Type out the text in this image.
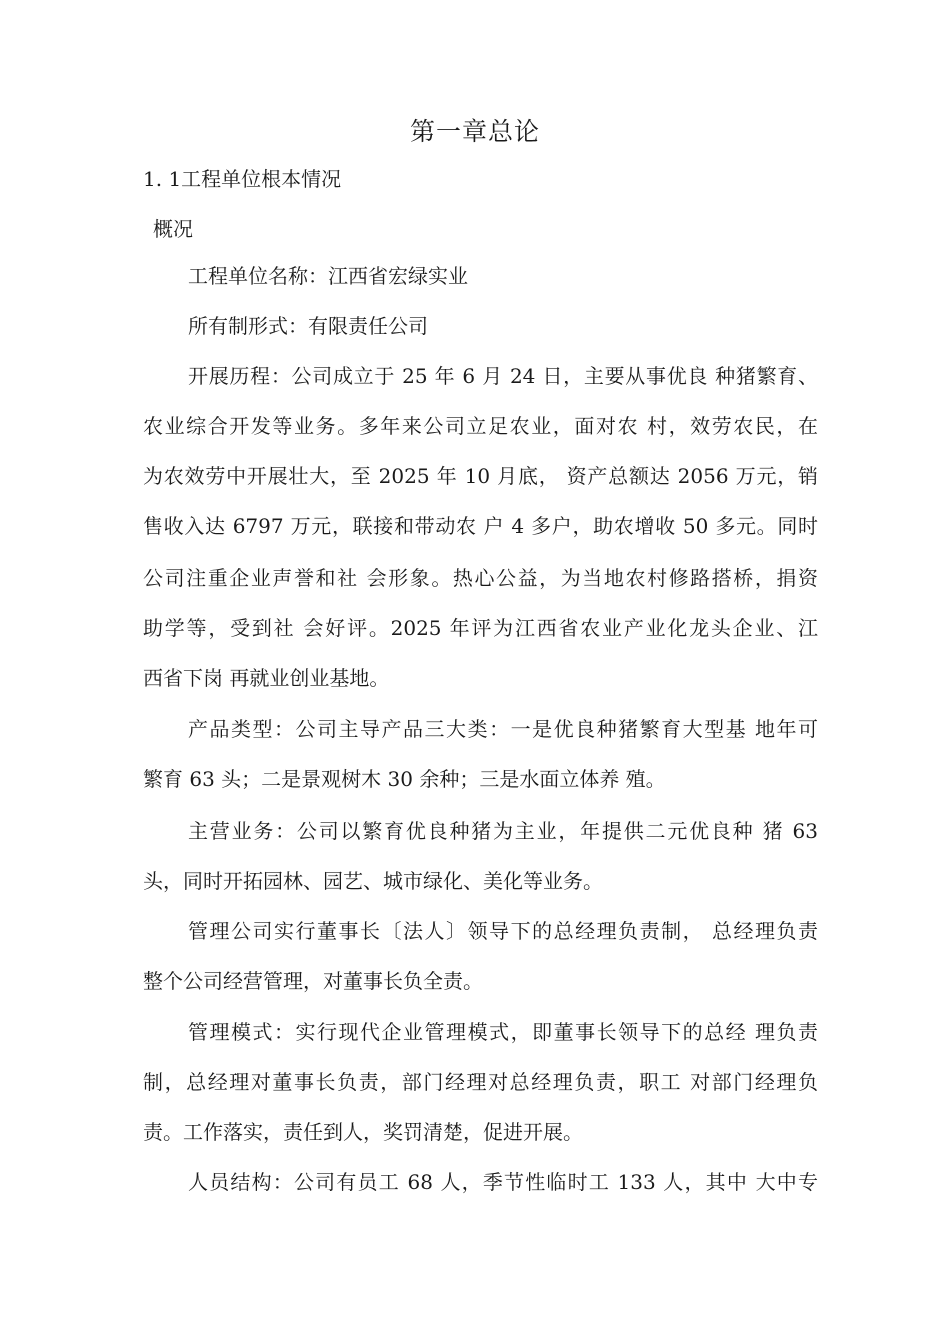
第一章总论
1. 1工程单位根本情况
概况

工程单位名称：江西省宏绿实业

所有制形式：有限责任公司

开展历程：公司成立于 25 年 6 月 24 日，主要从事优良 种猪繁育、

农业综合开发等业务。多年来公司立足农业，面对农 村，效劳农民，在

为农效劳中开展壮大，至 2025 年 10 月底， 资产总额达 2056 万元，销

售收入达 6797 万元，联接和带动农 户 4 多户，助农增收 50 多元。同时

公司注重企业声誉和社 会形象。热心公益，为当地农村修路搭桥，捐资

助学等，受到社 会好评。2025 年评为江西省农业产业化龙头企业、江

西省下岗 再就业创业基地。

产品类型：公司主导产品三大类：一是优良种猪繁育大型基 地年可

繁育 63 头；二是景观树木 30 余种；三是水面立体养 殖。

主营业务：公司以繁育优良种猪为主业，年提供二元优良种 猪 63

头，同时开拓园林、园艺、城市绿化、美化等业务。

管理公司实行董事长〔法人〕领导下的总经理负责制， 总经理负责

整个公司经营管理，对董事长负全责。

管理模式：实行现代企业管理模式，即董事长领导下的总经 理负责

制，总经理对董事长负责，部门经理对总经理负责，职工 对部门经理负

责。工作落实，责任到人，奖罚清楚，促进开展。

人员结构：公司有员工 68 人，季节性临时工 133 人，其中 大中专
